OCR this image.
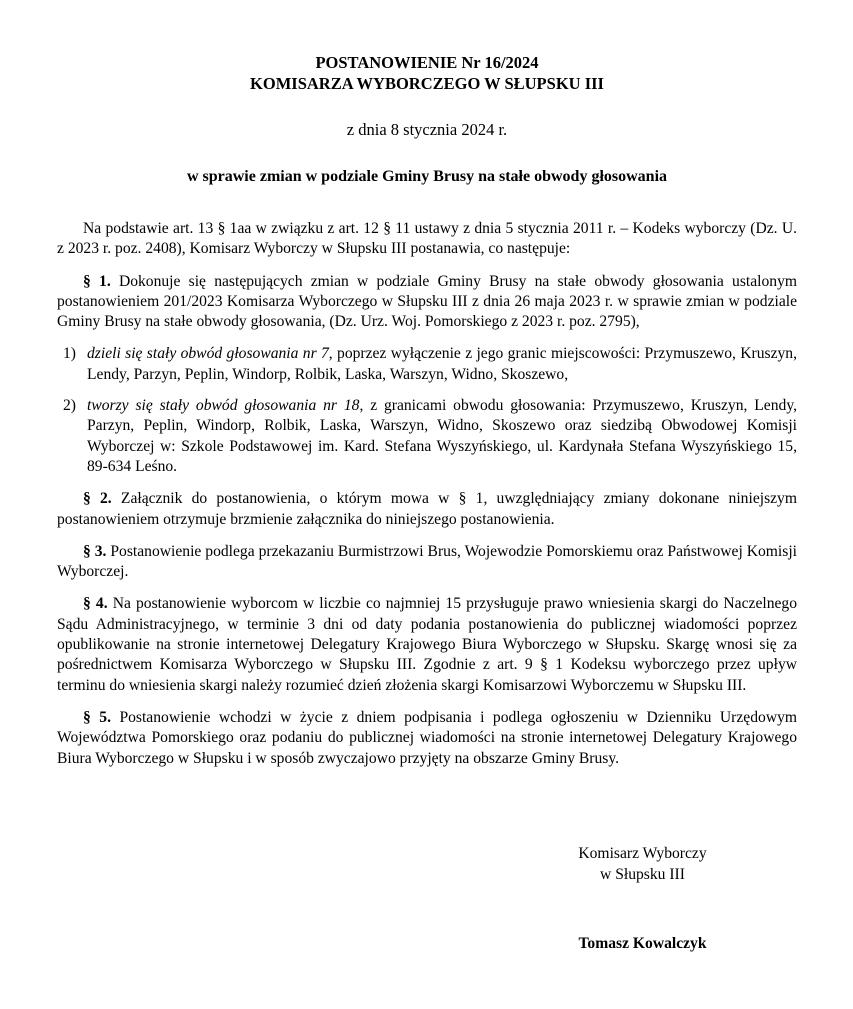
POSTANOWIENIE Nr 16/2024
KOMISARZA WYBORCZEGO W SŁUPSKU III
z dnia 8 stycznia 2024 r.
w sprawie zmian w podziale Gminy Brusy na stałe obwody głosowania

Na podstawie art. 13 § 1aa w związku z art. 12 § 11 ustawy z dnia 5 stycznia 2011 r. – Kodeks wyborczy (Dz. U. z 2023 r. poz. 2408), Komisarz Wyborczy w Słupsku III postanawia, co następuje:

§ 1. Dokonuje się następujących zmian w podziale Gminy Brusy na stałe obwody głosowania ustalonym postanowieniem 201/2023 Komisarza Wyborczego w Słupsku III z dnia 26 maja 2023 r. w sprawie zmian w podziale Gminy Brusy na stałe obwody głosowania, (Dz. Urz. Woj. Pomorskiego z 2023 r. poz. 2795),

1) dzieli się stały obwód głosowania nr 7, poprzez wyłączenie z jego granic miejscowości: Przymuszewo, Kruszyn, Lendy, Parzyn, Peplin, Windorp, Rolbik, Laska, Warszyn, Widno, Skoszewo,
2) tworzy się stały obwód głosowania nr 18, z granicami obwodu głosowania: Przymuszewo, Kruszyn, Lendy, Parzyn, Peplin, Windorp, Rolbik, Laska, Warszyn, Widno, Skoszewo oraz siedzibą Obwodowej Komisji Wyborczej w: Szkole Podstawowej im. Kard. Stefana Wyszyńskiego, ul. Kardynała Stefana Wyszyńskiego 15, 89-634 Leśno.

§ 2. Załącznik do postanowienia, o którym mowa w § 1, uwzględniający zmiany dokonane niniejszym postanowieniem otrzymuje brzmienie załącznika do niniejszego postanowienia.

§ 3. Postanowienie podlega przekazaniu Burmistrzowi Brus, Wojewodzie Pomorskiemu oraz Państwowej Komisji Wyborczej.

§ 4. Na postanowienie wyborcom w liczbie co najmniej 15 przysługuje prawo wniesienia skargi do Naczelnego Sądu Administracyjnego, w terminie 3 dni od daty podania postanowienia do publicznej wiadomości poprzez opublikowanie na stronie internetowej Delegatury Krajowego Biura Wyborczego w Słupsku. Skargę wnosi się za pośrednictwem Komisarza Wyborczego w Słupsku III. Zgodnie z art. 9 § 1 Kodeksu wyborczego przez upływ terminu do wniesienia skargi należy rozumieć dzień złożenia skargi Komisarzowi Wyborczemu w Słupsku III.

§ 5. Postanowienie wchodzi w życie z dniem podpisania i podlega ogłoszeniu w Dzienniku Urzędowym Województwa Pomorskiego oraz podaniu do publicznej wiadomości na stronie internetowej Delegatury Krajowego Biura Wyborczego w Słupsku i w sposób zwyczajowo przyjęty na obszarze Gminy Brusy.

Komisarz Wyborczy
w Słupsku III
Tomasz Kowalczyk
